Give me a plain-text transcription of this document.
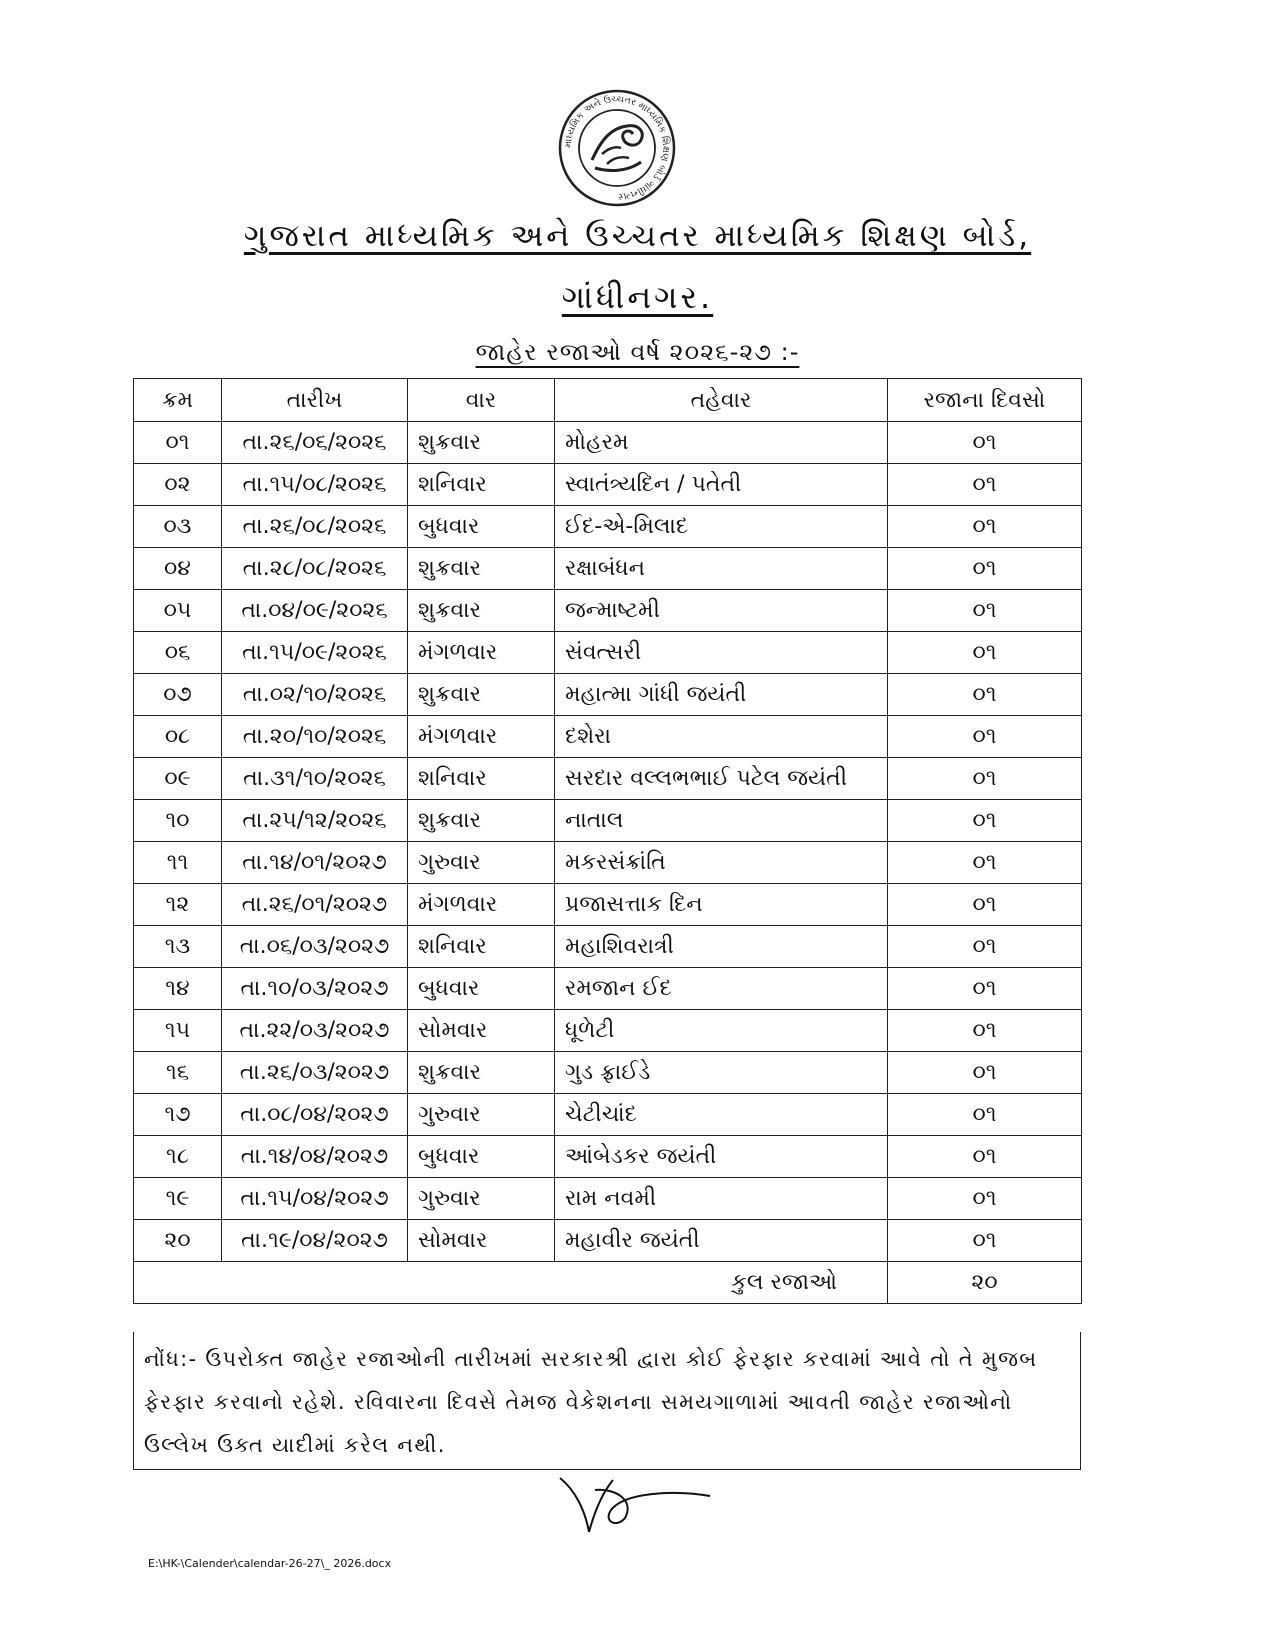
માધ્યમિક અને ઉચ્ચતર માધ્યમિક શિક્ષણ બોર્ડ ગાંધીનગર
ગુજરાત માધ્યમિક અને ઉચ્ચતર માધ્યમિક શિક્ષણ બોર્ડ,
ગાંધીનગર.
જાહેર રજાઓ વર્ષ ૨૦૨૬-૨૭ :-
ક્રમ	તારીખ	વાર	તહેવાર	રજાના દિવસો
૦૧	તા.૨૬/૦૬/૨૦૨૬	શુક્રવાર	મોહરમ	૦૧
૦૨	તા.૧૫/૦૮/૨૦૨૬	શનિવાર	સ્વાતંત્ર્યદિન / પતેતી	૦૧
૦૩	તા.૨૬/૦૮/૨૦૨૬	બુધવાર	ઈદ-એ-મિલાદ	૦૧
૦૪	તા.૨૮/૦૮/૨૦૨૬	શુક્રવાર	રક્ષાબંધન	૦૧
૦૫	તા.૦૪/૦૯/૨૦૨૬	શુક્રવાર	જન્માષ્ટમી	૦૧
૦૬	તા.૧૫/૦૯/૨૦૨૬	મંગળવાર	સંવત્સરી	૦૧
૦૭	તા.૦૨/૧૦/૨૦૨૬	શુક્રવાર	મહાત્મા ગાંધી જયંતી	૦૧
૦૮	તા.૨૦/૧૦/૨૦૨૬	મંગળવાર	દશેરા	૦૧
૦૯	તા.૩૧/૧૦/૨૦૨૬	શનિવાર	સરદાર વલ્લભભાઈ પટેલ જયંતી	૦૧
૧૦	તા.૨૫/૧૨/૨૦૨૬	શુક્રવાર	નાતાલ	૦૧
૧૧	તા.૧૪/૦૧/૨૦૨૭	ગુરુવાર	મકરસંક્રાંતિ	૦૧
૧૨	તા.૨૬/૦૧/૨૦૨૭	મંગળવાર	પ્રજાસત્તાક દિન	૦૧
૧૩	તા.૦૬/૦૩/૨૦૨૭	શનિવાર	મહાશિવરાત્રી	૦૧
૧૪	તા.૧૦/૦૩/૨૦૨૭	બુધવાર	રમજાન ઈદ	૦૧
૧૫	તા.૨૨/૦૩/૨૦૨૭	સોમવાર	ધૂળેટી	૦૧
૧૬	તા.૨૬/૦૩/૨૦૨૭	શુક્રવાર	ગુડ ફ્રાઈડે	૦૧
૧૭	તા.૦૮/૦૪/૨૦૨૭	ગુરુવાર	ચેટીચાંદ	૦૧
૧૮	તા.૧૪/૦૪/૨૦૨૭	બુધવાર	આંબેડકર જયંતી	૦૧
૧૯	તા.૧૫/૦૪/૨૦૨૭	ગુરુવાર	રામ નવમી	૦૧
૨૦	તા.૧૯/૦૪/૨૦૨૭	સોમવાર	મહાવીર જયંતી	૦૧
કુલ રજાઓ				૨૦
નોંધ:- ઉપરોક્ત જાહેર રજાઓની તારીખમાં સરકારશ્રી દ્વારા કોઈ ફેરફાર કરવામાં આવે તો તે મુજબ ફેરફાર કરવાનો રહેશે. રવિવારના દિવસે તેમજ વેકેશનના સમયગાળામાં આવતી જાહેર રજાઓનો ઉલ્લેખ ઉક્ત યાદીમાં કરેલ નથી.
E:\HK-\Calender\calendar-26-27\_ 2026.docx
